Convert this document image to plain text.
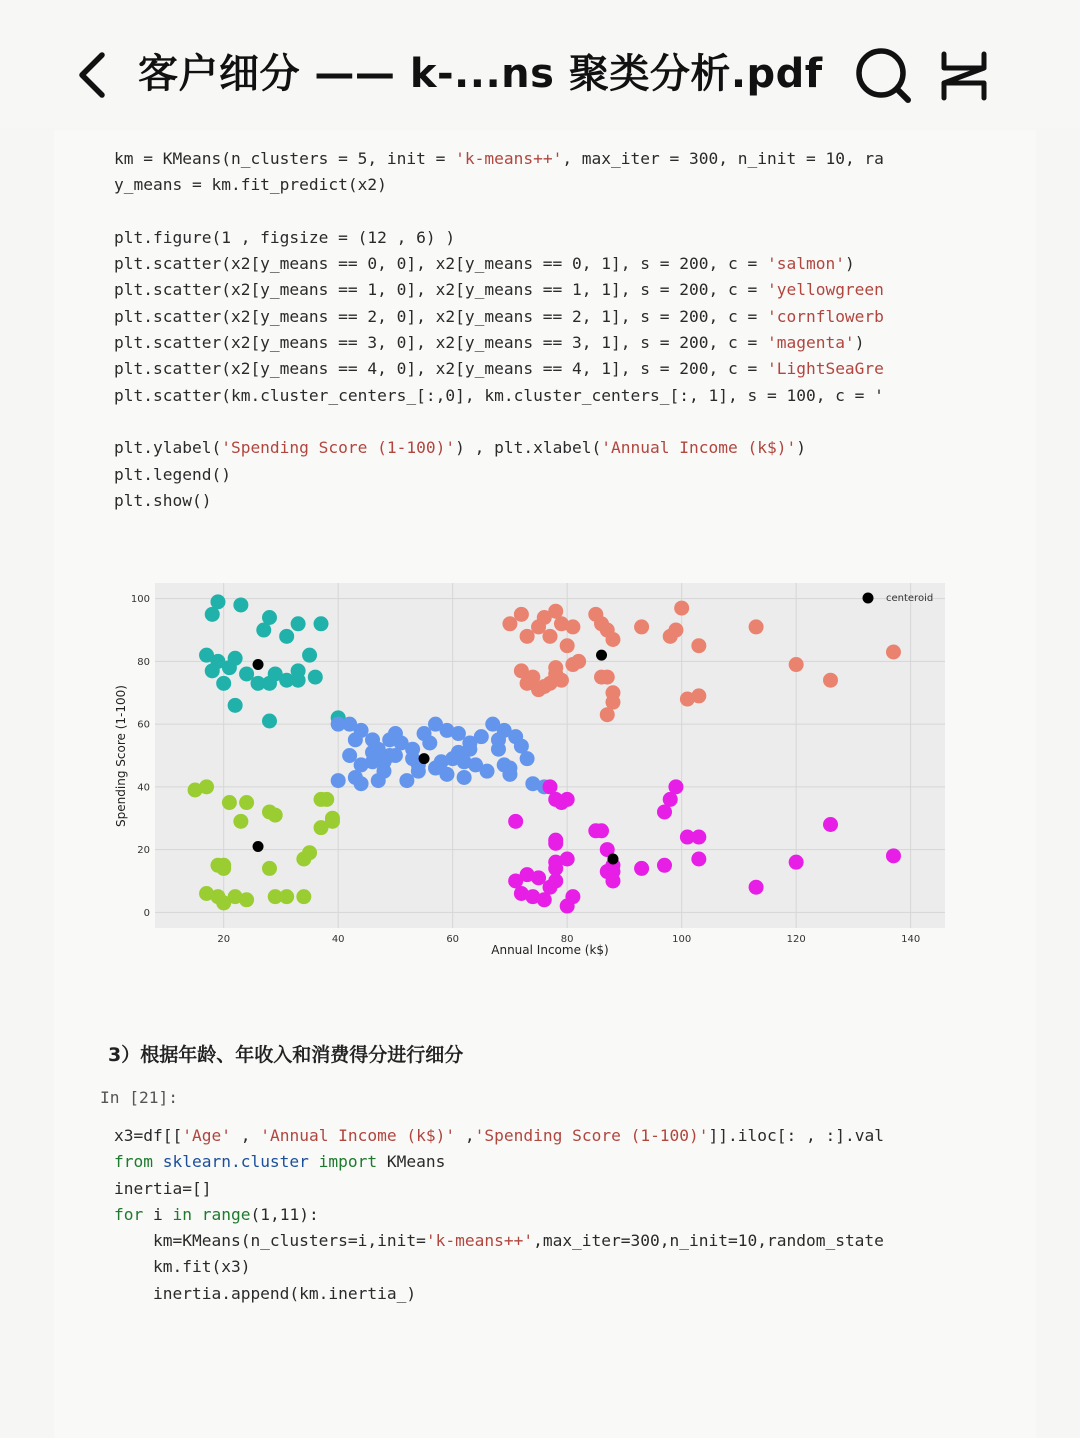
客户细分 —— k-...ns 聚类分析.pdf
km = KMeans(n_clusters = 5, init = 'k-means++', max_iter = 300, n_init = 10, ra
y_means = km.fit_predict(x2)
plt.figure(1 , figsize = (12 , 6) )
plt.scatter(x2[y_means == 0, 0], x2[y_means == 0, 1], s = 200, c = 'salmon')
plt.scatter(x2[y_means == 1, 0], x2[y_means == 1, 1], s = 200, c = 'yellowgreen
plt.scatter(x2[y_means == 2, 0], x2[y_means == 2, 1], s = 200, c = 'cornflowerb
plt.scatter(x2[y_means == 3, 0], x2[y_means == 3, 1], s = 200, c = 'magenta')
plt.scatter(x2[y_means == 4, 0], x2[y_means == 4, 1], s = 200, c = 'LightSeaGre
plt.scatter(km.cluster_centers_[:,0], km.cluster_centers_[:, 1], s = 100, c = '
plt.ylabel('Spending Score (1-100)') , plt.xlabel('Annual Income (k$)')
plt.legend()
plt.show()
20	40	60	80	100	120	140
0
20
40
60
80
100	centeroid
Annual Income (k$)
Spending Score (1-100)
3）根据年龄、年收入和消费得分进行细分
In [21]:
x3=df[['Age' , 'Annual Income (k$)' ,'Spending Score (1-100)']].iloc[: , :].val
from sklearn.cluster import KMeans
inertia=[]
for i in range(1,11):
km=KMeans(n_clusters=i,init='k-means++',max_iter=300,n_init=10,random_state
km.fit(x3)
inertia.append(km.inertia_)
